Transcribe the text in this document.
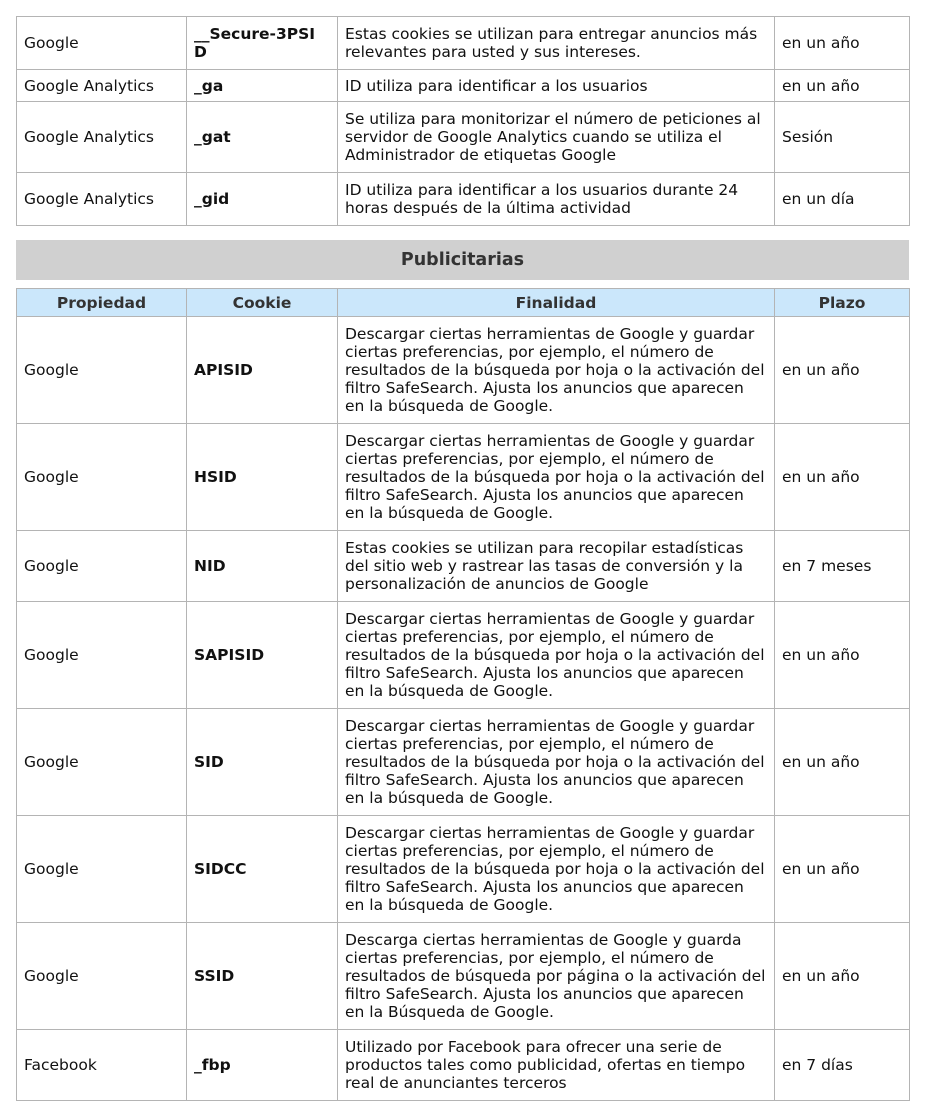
Google	__Secure-3PSI D	Estas cookies se utilizan para entregar anuncios más relevantes para usted y sus intereses.	en un año
Google Analytics	_ga	ID utiliza para identificar a los usuarios	en un año
Google Analytics	_gat	Se utiliza para monitorizar el número de peticiones al servidor de Google Analytics cuando se utiliza el Administrador de etiquetas Google	Sesión
Google Analytics	_gid	ID utiliza para identificar a los usuarios durante 24 horas después de la última actividad	en un día
Publicitarias
Propiedad	Cookie	Finalidad	Plazo
Google	APISID	Descargar ciertas herramientas de Google y guardar ciertas preferencias, por ejemplo, el número de resultados de la búsqueda por hoja o la activación del filtro SafeSearch. Ajusta los anuncios que aparecen en la búsqueda de Google.	en un año
Google	HSID	Descargar ciertas herramientas de Google y guardar ciertas preferencias, por ejemplo, el número de resultados de la búsqueda por hoja o la activación del filtro SafeSearch. Ajusta los anuncios que aparecen en la búsqueda de Google.	en un año
Google	NID	Estas cookies se utilizan para recopilar estadísticas del sitio web y rastrear las tasas de conversión y la personalización de anuncios de Google	en 7 meses
Google	SAPISID	Descargar ciertas herramientas de Google y guardar ciertas preferencias, por ejemplo, el número de resultados de la búsqueda por hoja o la activación del filtro SafeSearch. Ajusta los anuncios que aparecen en la búsqueda de Google.	en un año
Google	SID	Descargar ciertas herramientas de Google y guardar ciertas preferencias, por ejemplo, el número de resultados de la búsqueda por hoja o la activación del filtro SafeSearch. Ajusta los anuncios que aparecen en la búsqueda de Google.	en un año
Google	SIDCC	Descargar ciertas herramientas de Google y guardar ciertas preferencias, por ejemplo, el número de resultados de la búsqueda por hoja o la activación del filtro SafeSearch. Ajusta los anuncios que aparecen en la búsqueda de Google.	en un año
Google	SSID	Descarga ciertas herramientas de Google y guarda ciertas preferencias, por ejemplo, el número de resultados de búsqueda por página o la activación del filtro SafeSearch. Ajusta los anuncios que aparecen en la Búsqueda de Google.	en un año
Facebook	_fbp	Utilizado por Facebook para ofrecer una serie de productos tales como publicidad, ofertas en tiempo real de anunciantes terceros	en 7 días
